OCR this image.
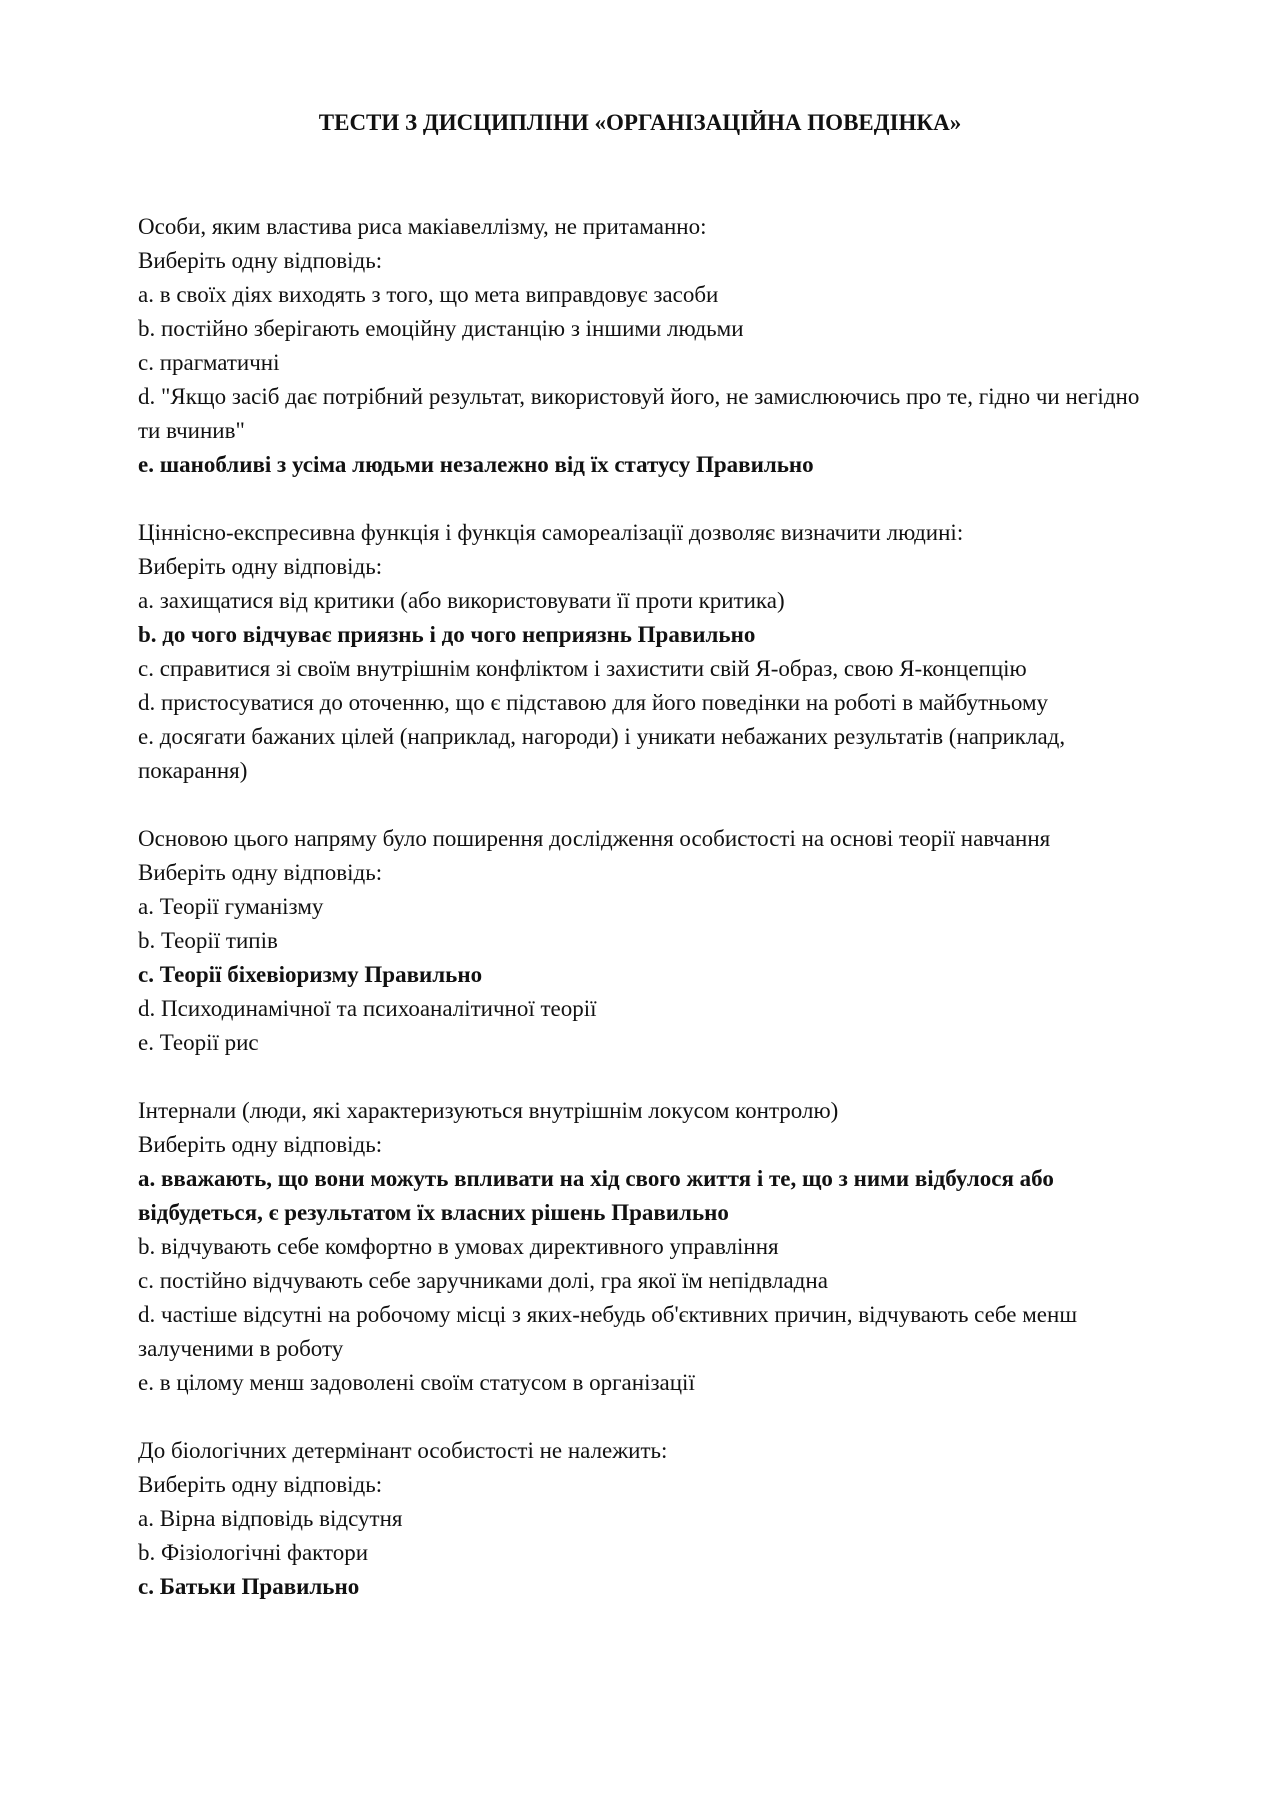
ТЕСТИ З ДИСЦИПЛІНИ «ОРГАНІЗАЦІЙНА ПОВЕДІНКА»

Особи, яким властива риса макіавеллізму, не притаманно:

Виберіть одну відповідь:

a. в своїх діях виходять з того, що мета виправдовує засоби

b. постійно зберігають емоційну дистанцію з іншими людьми

c. прагматичні

d. "Якщо засіб дає потрібний результат, використовуй його, не замислюючись про те, гідно чи негідно ти вчинив"

e. шанобливі з усіма людьми незалежно від їх статусу Правильно

Ціннісно-експресивна функція і функція самореалізації дозволяє визначити людині:

Виберіть одну відповідь:

a. захищатися від критики (або використовувати її проти критика)

b. до чого відчуває приязнь і до чого неприязнь Правильно

c. справитися зі своїм внутрішнім конфліктом і захистити свій Я-образ, свою Я-концепцію

d. пристосуватися до оточенню, що є підставою для його поведінки на роботі в майбутньому

e. досягати бажаних цілей (наприклад, нагороди) і уникати небажаних результатів (наприклад, покарання)

Основою цього напряму було поширення дослідження особистості на основі теорії навчання

Виберіть одну відповідь:

a. Теорії гуманізму

b. Теорії типів

c. Теорії біхевіоризму Правильно

d. Психодинамічної та психоаналітичної теорії

e. Теорії рис

Інтернали (люди, які характеризуються внутрішнім локусом контролю)

Виберіть одну відповідь:

a. вважають, що вони можуть впливати на хід свого життя і те, що з ними відбулося або відбудеться, є результатом їх власних рішень Правильно

b. відчувають себе комфортно в умовах директивного управління

c. постійно відчувають себе заручниками долі, гра якої їм непідвладна

d. частіше відсутні на робочому місці з яких-небудь об'єктивних причин, відчувають себе менш залученими в роботу

e. в цілому менш задоволені своїм статусом в організації

До біологічних детермінант особистості не належить:

Виберіть одну відповідь:

a. Вірна відповідь відсутня

b. Фізіологічні фактори

c. Батьки Правильно
